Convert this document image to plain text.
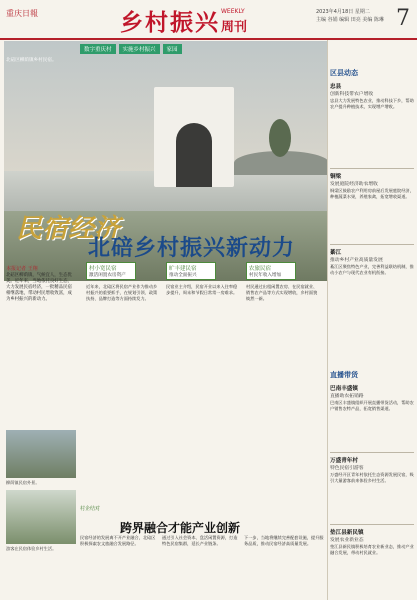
重庆日報	乡村振兴 WEEKLY
周刊
2023年4月18日 星期二
主编 谷娟 编辑 田亮 美编 陈琳 7
数字重庆村	实施乡村振兴	家园
北碚区柳荫镇乡村民宿。
民宿经济
北碚乡村振兴新动力
本报记者 王翔
北碚区柳荫镇，气候宜人，生态优美。近年来，当地依托良好生态，大力发展民宿经济，一批精品民宿相继落地，带动村民增收致富，成为乡村振兴的新动力。
村小宽民宿
激活闲置农房资产
旷丰建民宿
推动全面振兴
农旅民宿
村民年收入增加
近年来，北碚区将民宿产业作为推动乡村振兴的重要抓手，在规划引领、政策扶持、品牌打造等方面持续发力。
民宿业主介绍，民宿开业以来入住率稳步提升，周末和节假日常常一房难求。
村民通过出租闲置农房、在民宿就业、销售农产品等方式实现增收，乡村面貌焕然一新。
柳荫镇民宿外景。
游客在民宿体验乡村生活。
村企结对
跨界融合才能产业创新
民宿经济的发展离不开产业融合，北碚区积极探索农文旅融合发展路径。
通过引入社会资本、盘活闲置资源，打造特色民宿集群，延长产业链条。
下一步，当地将继续完善配套设施，提升服务品质，推动民宿经济高质量发展。
区县动态
忠县
创新科技带农户增收
忠县大力发展特色农业，推动科技下乡，帮助农户提升种植技术，实现增产增收。
铜梁
发展庭院经济助农增收
铜梁区鼓励农户利用房前屋后发展庭院经济，种植蔬菜水果，养殖家禽，拓宽增收渠道。
綦江
推动乡村产业高质量发展
綦江区聚焦特色产业，完善利益联结机制，推动小农户与现代农业有机衔接。
直播带货
巴南丰盛镇
直播助农拓销路
巴南区丰盛镇组织开展直播带货活动，帮助农户销售农特产品，拓宽销售渠道。
万盛青年村
特色民宿引游客
万盛经开区青年村依托生态资源发展民宿，吸引大量游客前来体验乡村生活。
垫江县新民镇
发展农业新业态
垫江县新民镇积极培育农业新业态，推动产业融合发展，带动村民就业。
